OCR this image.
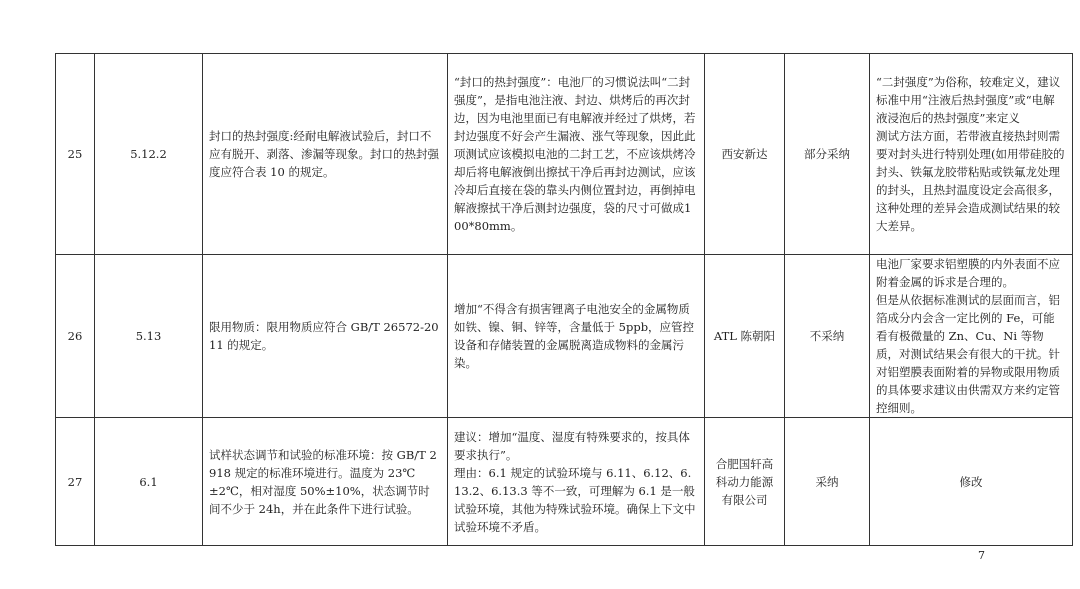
25	5.12.2	封口的热封强度:经耐电解液试验后，封口不应有脱开、剥落、渗漏等现象。封口的热封强度应符合表 10 的规定。	“封口的热封强度”：电池厂的习惯说法叫“二封强度”，是指电池注液、封边、烘烤后的再次封边，因为电池里面已有电解液并经过了烘烤，若封边强度不好会产生漏液、涨气等现象，因此此项测试应该模拟电池的二封工艺，不应该烘烤冷却后将电解液倒出擦拭干净后再封边测试，应该冷却后直接在袋的靠头内侧位置封边，再倒掉电解液擦拭干净后测封边强度，袋的尺寸可做成100*80mm。	西安新达	部分采纳	“二封强度”为俗称，较难定义，建议标准中用“注液后热封强度”或“电解液浸泡后的热封强度”来定义
测试方法方面，若带液直接热封则需要对封头进行特别处理(如用带硅胶的封头、铁氟龙胶带粘贴或铁氟龙处理的封头，且热封温度设定会高很多，这种处理的差异会造成测试结果的较大差异。
26	5.13	限用物质：限用物质应符合 GB/T 26572-2011 的规定。	增加“不得含有损害锂离子电池安全的金属物质如铁、镍、铜、锌等，含量低于 5ppb，应管控设备和存储装置的金属脱离造成物料的金属污染。	ATL 陈朝阳	不采纳	电池厂家要求铝塑膜的内外表面不应附着金属的诉求是合理的。
但是从依据标准测试的层面而言，铝箔成分内会含一定比例的 Fe，可能看有极微量的 Zn、Cu、Ni 等物质，对测试结果会有很大的干扰。针对铝塑膜表面附着的异物或限用物质的具体要求建议由供需双方来约定管控细则。
27	6.1	试样状态调节和试验的标准环境：按 GB/T 2918 规定的标准环境进行。温度为 23℃±2℃，相对湿度 50%±10%，状态调节时间不少于 24h，并在此条件下进行试验。	建议：增加“温度、湿度有特殊要求的，按具体要求执行”。
理由：6.1 规定的试验环境与 6.11、6.12、6.13.2、6.13.3 等不一致，可理解为 6.1 是一般试验环境，其他为特殊试验环境。确保上下文中试验环境不矛盾。	合肥国轩高科动力能源有限公司	采纳	修改
7
